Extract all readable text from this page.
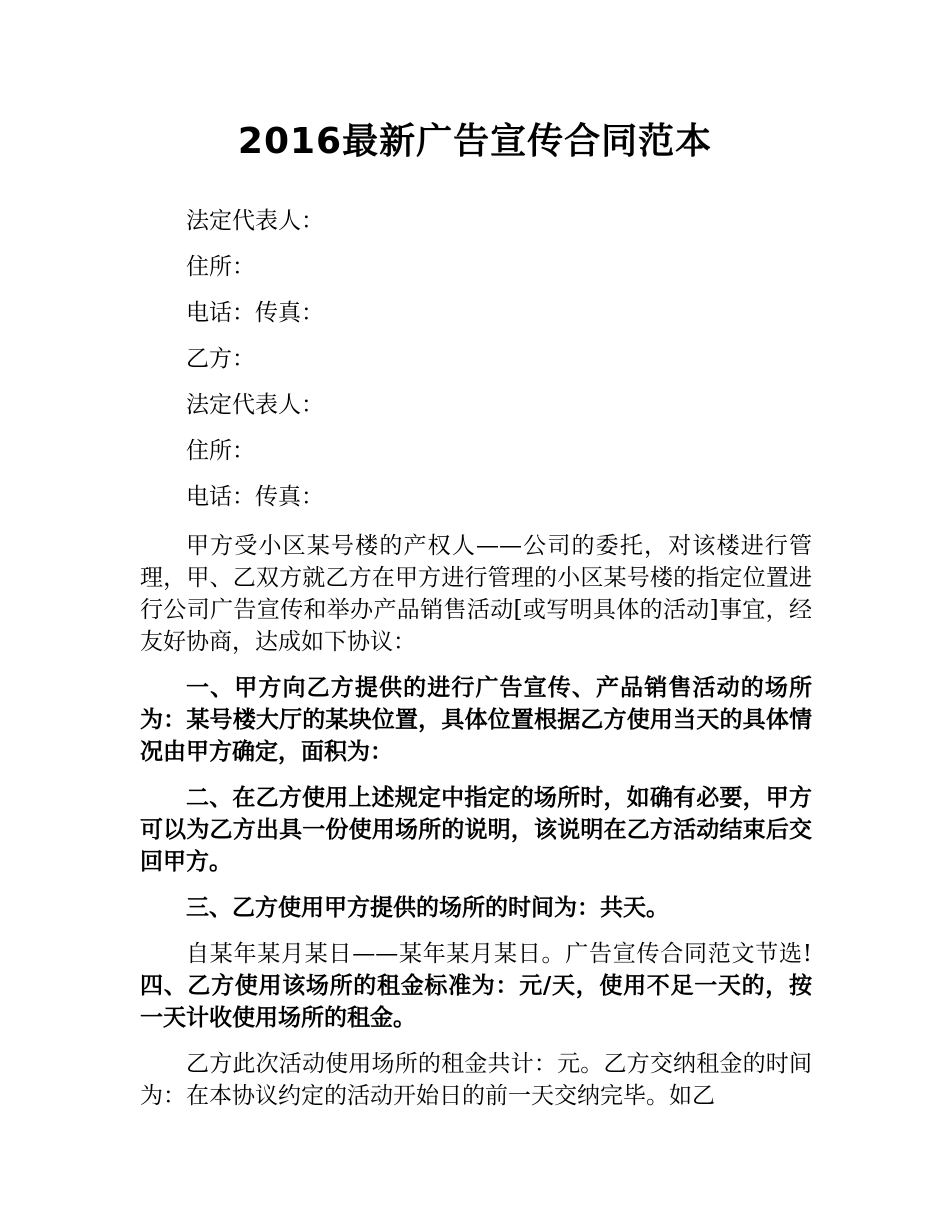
2016最新广告宣传合同范本

法定代表人：

住所：

电话：传真：

乙方：

法定代表人：

住所：

电话：传真：

甲方受小区某号楼的产权人——公司的委托，对该楼进行管理，甲、乙双方就乙方在甲方进行管理的小区某号楼的指定位置进行公司广告宣传和举办产品销售活动[或写明具体的活动]事宜，经友好协商，达成如下协议：

一、甲方向乙方提供的进行广告宣传、产品销售活动的场所为：某号楼大厅的某块位置，具体位置根据乙方使用当天的具体情况由甲方确定，面积为：

二、在乙方使用上述规定中指定的场所时，如确有必要，甲方可以为乙方出具一份使用场所的说明，该说明在乙方活动结束后交回甲方。

三、乙方使用甲方提供的场所的时间为：共天。

自某年某月某日——某年某月某日。广告宣传合同范文节选!四、乙方使用该场所的租金标准为：元/天，使用不足一天的，按一天计收使用场所的租金。

乙方此次活动使用场所的租金共计：元。乙方交纳租金的时间为：在本协议约定的活动开始日的前一天交纳完毕。如乙
